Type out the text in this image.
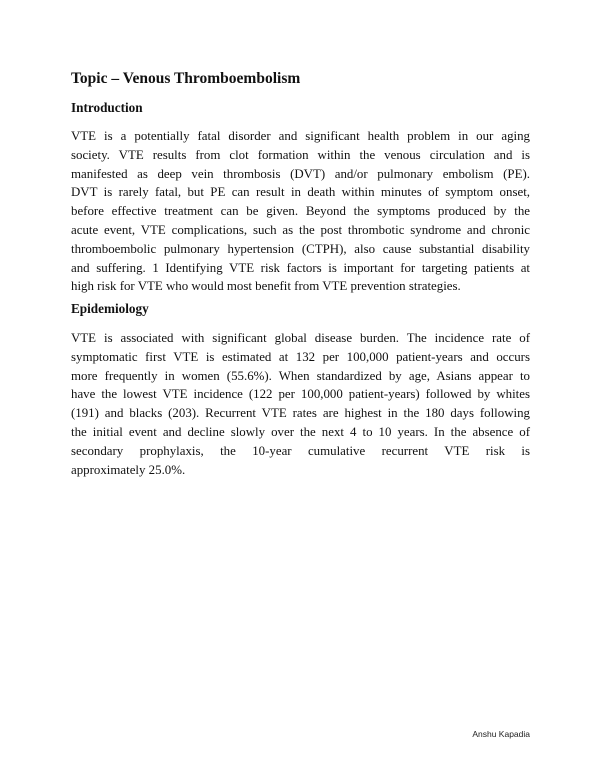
Topic – Venous Thromboembolism
Introduction

VTE is a potentially fatal disorder and significant health problem in our aging
society. VTE results from clot formation within the venous circulation and is
manifested as deep vein thrombosis (DVT) and/or pulmonary embolism (PE).
DVT is rarely fatal, but PE can result in death within minutes of symptom onset,
before effective treatment can be given. Beyond the symptoms produced by the
acute event, VTE complications, such as the post thrombotic syndrome and chronic
thromboembolic pulmonary hypertension (CTPH), also cause substantial disability
and suffering. 1 Identifying VTE risk factors is important for targeting patients at
high risk for VTE who would most benefit from VTE prevention strategies.

Epidemiology

VTE is associated with significant global disease burden. The incidence rate of
symptomatic first VTE is estimated at 132 per 100,000 patient-years and occurs
more frequently in women (55.6%). When standardized by age, Asians appear to
have the lowest VTE incidence (122 per 100,000 patient-years) followed by whites
(191) and blacks (203). Recurrent VTE rates are highest in the 180 days following
the initial event and decline slowly over the next 4 to 10 years. In the absence of
secondary prophylaxis, the 10-year cumulative recurrent VTE risk is
approximately 25.0%.

Anshu Kapadia
